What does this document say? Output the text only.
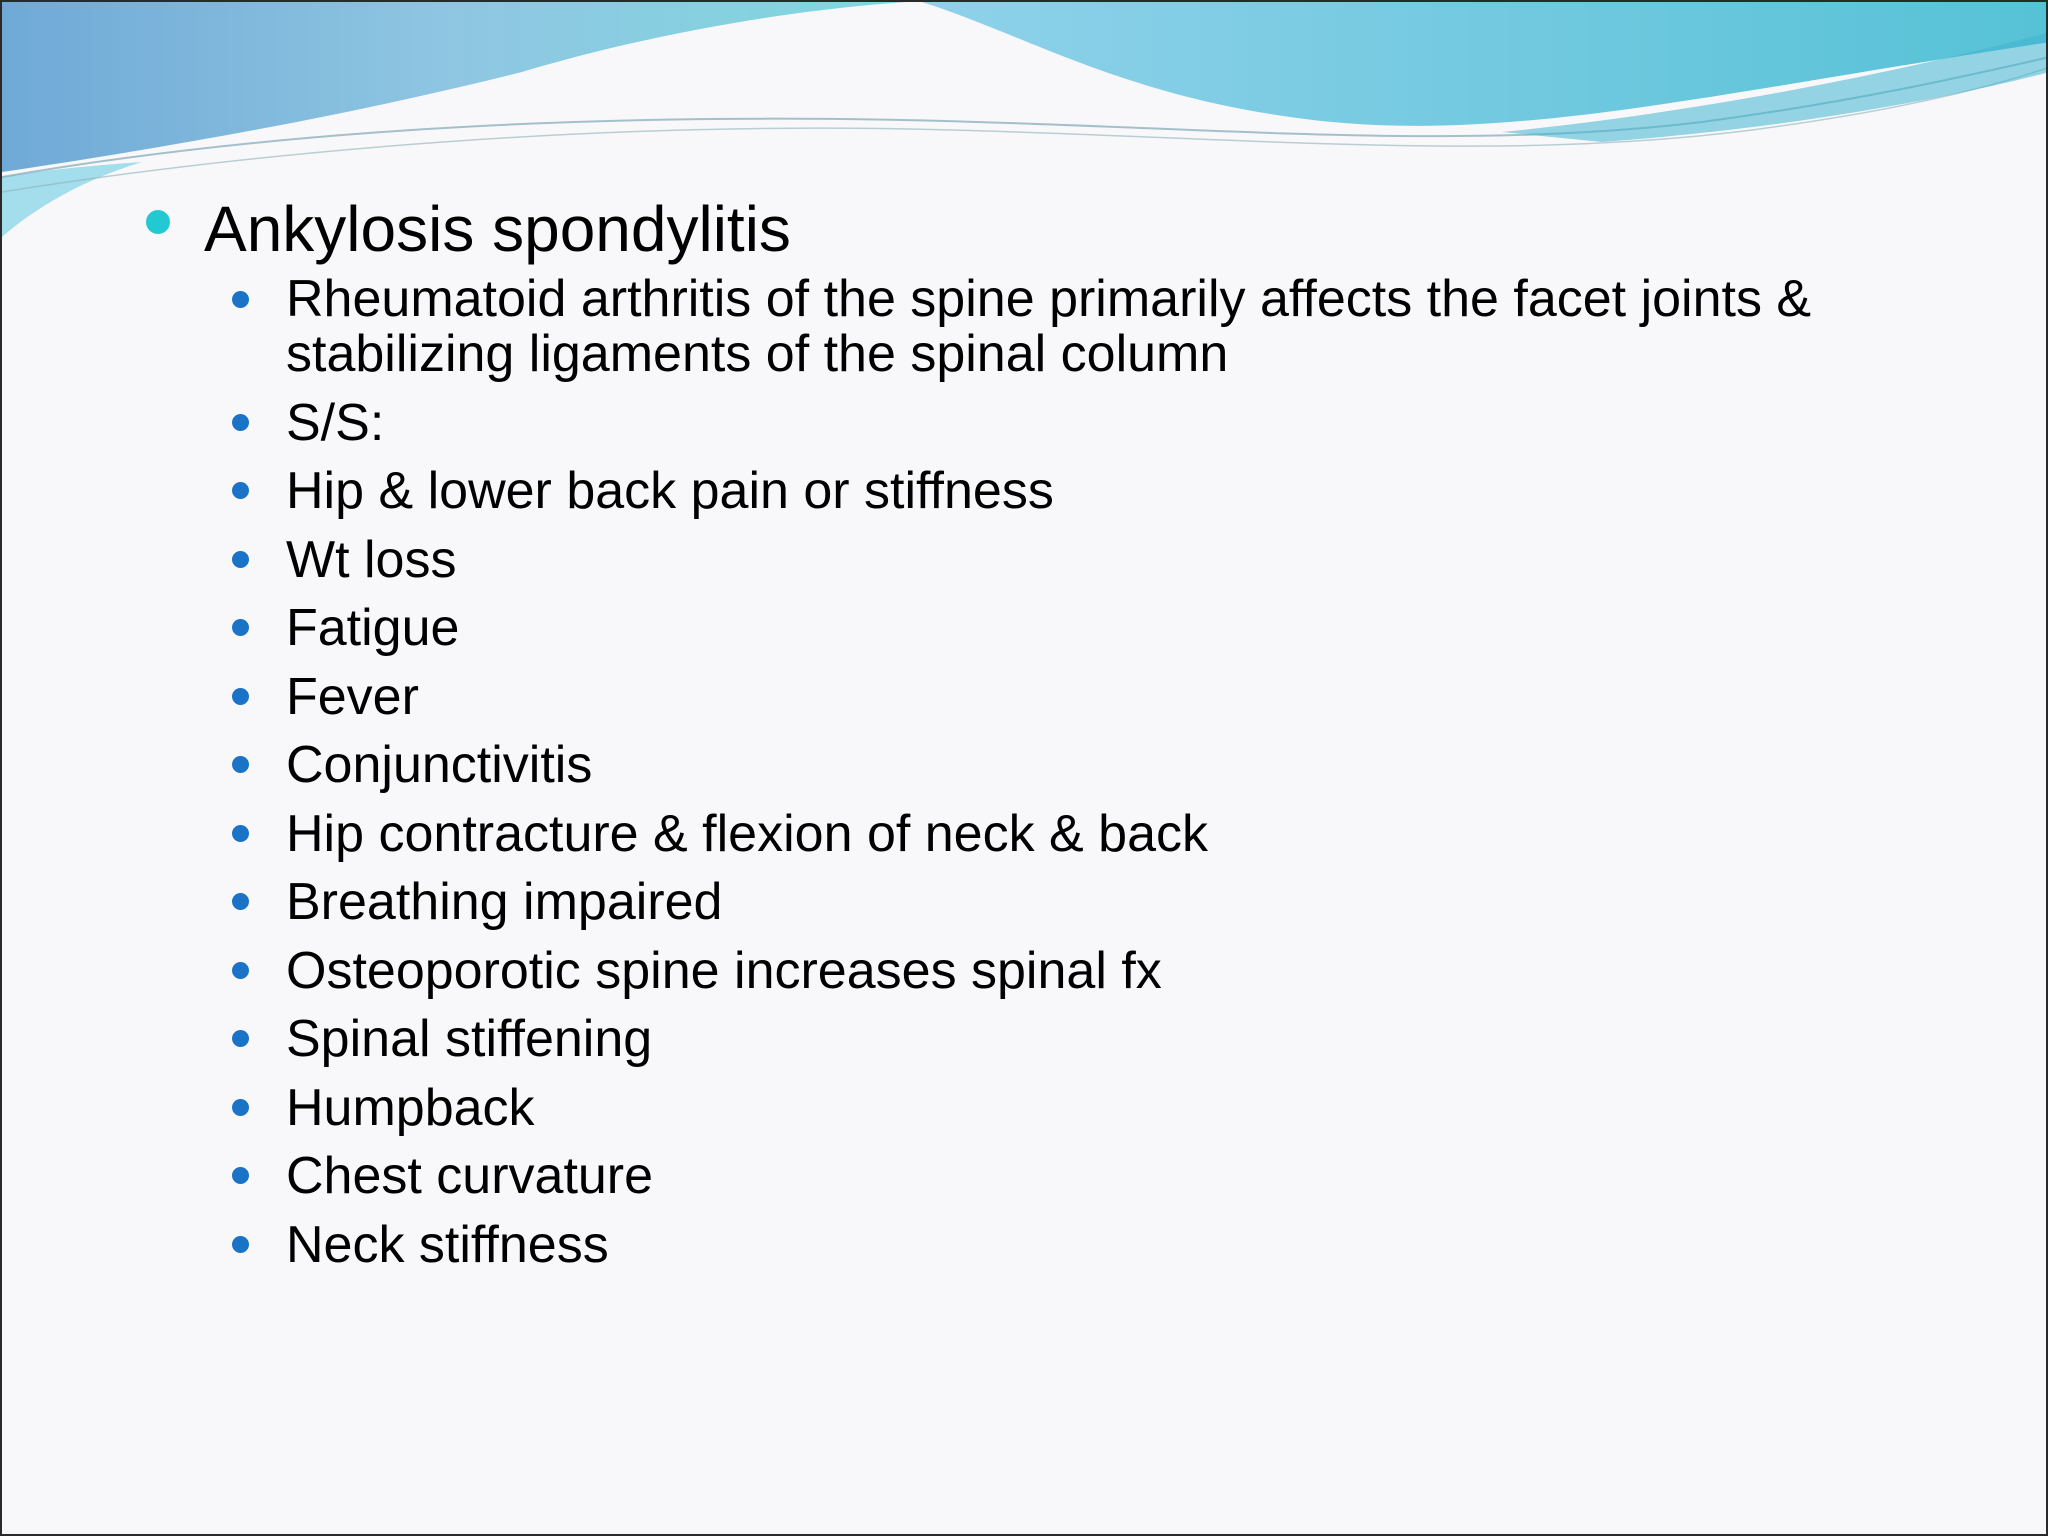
Ankylosis spondylitis
Rheumatoid arthritis of the spine primarily affects the facet joints & stabilizing ligaments of the spinal column
S/S:
Hip & lower back pain or stiffness
Wt loss
Fatigue
Fever
Conjunctivitis
Hip contracture & flexion of neck & back
Breathing impaired
Osteoporotic spine increases spinal fx
Spinal stiffening
Humpback
Chest curvature
Neck stiffness
